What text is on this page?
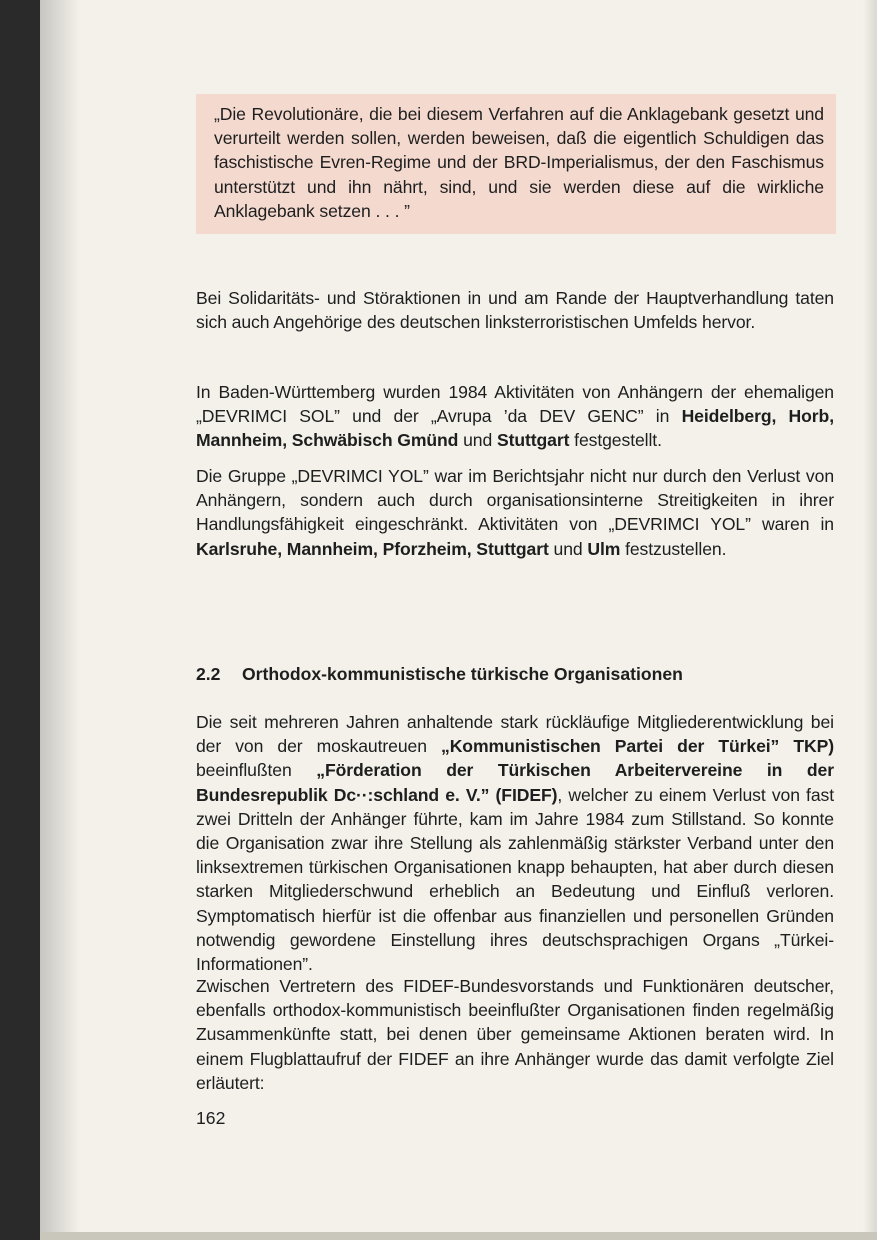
„Die Revolutionäre, die bei diesem Verfahren auf die Anklagebank gesetzt und verurteilt werden sollen, werden beweisen, daß die eigentlich Schuldigen das faschistische Evren-Regime und der BRD-Imperialismus, der den Faschismus unterstützt und ihn nährt, sind, und sie werden diese auf die wirkliche Anklagebank setzen . . . ”
Bei Solidaritäts- und Störaktionen in und am Rande der Hauptverhandlung taten sich auch Angehörige des deutschen linksterroristischen Umfelds hervor.
In Baden-Württemberg wurden 1984 Aktivitäten von Anhängern der ehemaligen „DEVRIMCI SOL” und der „Avrupa ’da DEV GENC” in Heidelberg, Horb, Mannheim, Schwäbisch Gmünd und Stuttgart festgestellt.
Die Gruppe „DEVRIMCI YOL” war im Berichtsjahr nicht nur durch den Verlust von Anhängern, sondern auch durch organisationsinterne Streitigkeiten in ihrer Handlungsfähigkeit eingeschränkt. Aktivitäten von „DEVRIMCI YOL” waren in Karlsruhe, Mannheim, Pforzheim, Stuttgart und Ulm festzustellen.
2.2 Orthodox-kommunistische türkische Organisationen
Die seit mehreren Jahren anhaltende stark rückläufige Mitgliederentwicklung bei der von der moskautreuen „Kommunistischen Partei der Türkei” TKP) beeinflußten „Förderation der Türkischen Arbeitervereine in der Bundesrepublik Dc··:schland e. V.” (FIDEF), welcher zu einem Verlust von fast zwei Dritteln der Anhänger führte, kam im Jahre 1984 zum Stillstand. So konnte die Organisation zwar ihre Stellung als zahlenmäßig stärkster Verband unter den linksextremen türkischen Organisationen knapp behaupten, hat aber durch diesen starken Mitgliederschwund erheblich an Bedeutung und Einfluß verloren. Symptomatisch hierfür ist die offenbar aus finanziellen und personellen Gründen notwendig gewordene Einstellung ihres deutschsprachigen Organs „Türkei-Informationen”.
Zwischen Vertretern des FIDEF-Bundesvorstands und Funktionären deutscher, ebenfalls orthodox-kommunistisch beeinflußter Organisationen finden regelmäßig Zusammenkünfte statt, bei denen über gemeinsame Aktionen beraten wird. In einem Flugblattaufruf der FIDEF an ihre Anhänger wurde das damit verfolgte Ziel erläutert:
162
